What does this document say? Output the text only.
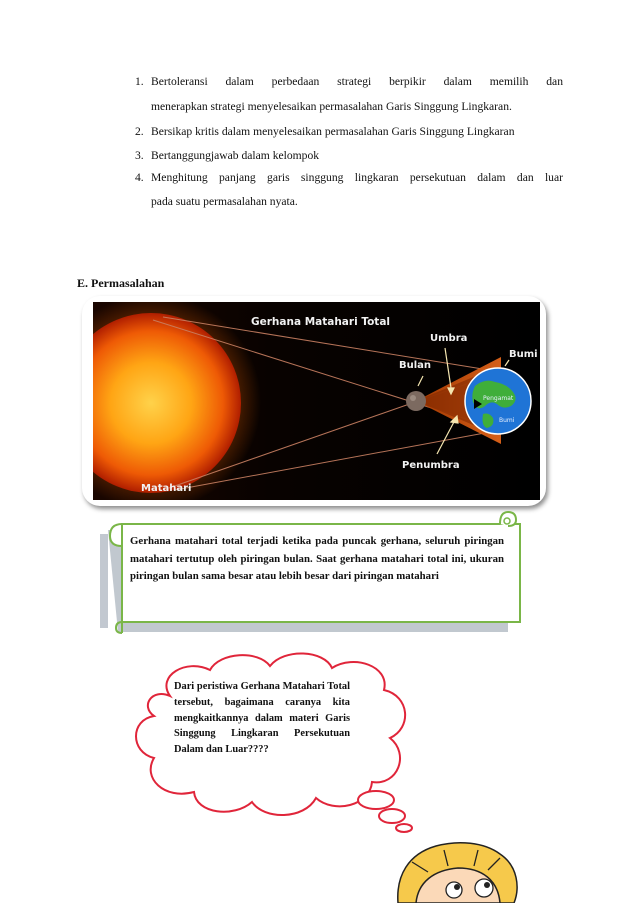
1. Bertoleransi dalam perbedaan strategi berpikir dalam memilih dan
menerapkan strategi menyelesaikan permasalahan Garis Singgung Lingkaran.
2. Bersikap kritis dalam menyelesaikan permasalahan Garis Singgung Lingkaran
3. Bertanggungjawab dalam kelompok
4. Menghitung panjang garis singgung lingkaran persekutuan dalam dan luar
pada suatu permasalahan nyata.
E. Permasalahan
Gerhana Matahari Total
Umbra
Bulan
Bumi
Penumbra
Matahari
Pengamat
Bumi
Gerhana matahari total terjadi ketika pada puncak gerhana, seluruh piringan matahari tertutup oleh piringan bulan. Saat gerhana matahari total ini, ukuran piringan bulan sama besar atau lebih besar dari piringan matahari
Dari peristiwa Gerhana Matahari Total tersebut, bagaimana caranya kita mengkaitkannya dalam materi Garis Singgung Lingkaran Persekutuan Dalam dan Luar????
